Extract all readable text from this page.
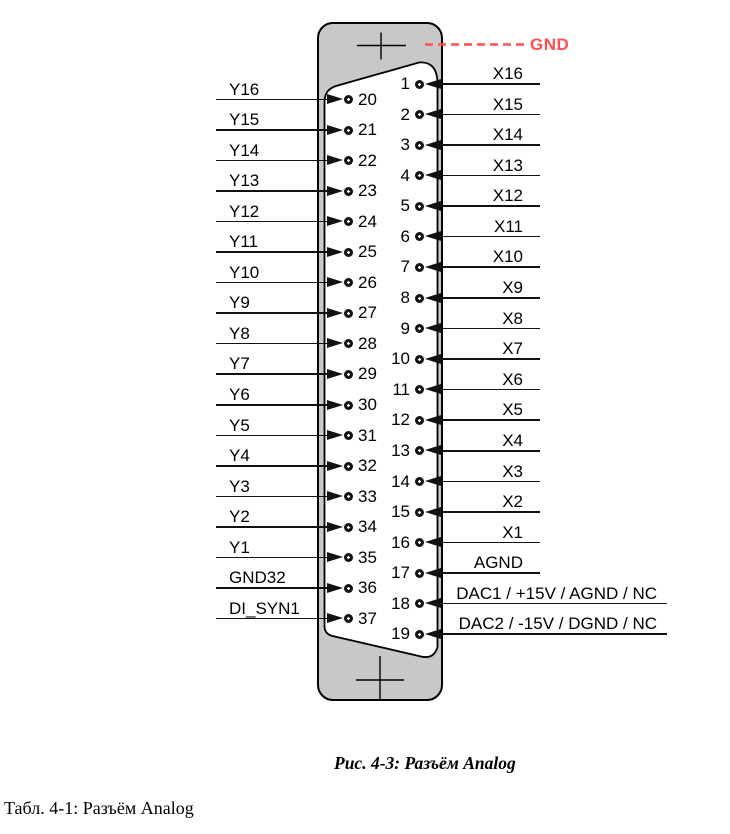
GND
Y16
20
Y15
21
Y14
22
Y13
23
Y12
24
Y11
25
Y10
26
Y9
27
Y8
28
Y7
29
Y6
30
Y5
31
Y4
32
Y3
33
Y2
34
Y1
35
GND32
36
DI_SYN1
37
1
X16
2
X15
3
X14
4
X13
5
X12
6
X11
7
X10
8
X9
9
X8
10
X7
11
X6
12
X5
13
X4
14
X3
15
X2
16
X1
17
AGND
18
DAC1 / +15V / AGND / NC
19
DAC2 / -15V / DGND / NC
Рис. 4-3: Разъём Analog
Табл. 4-1: Разъём Analog
